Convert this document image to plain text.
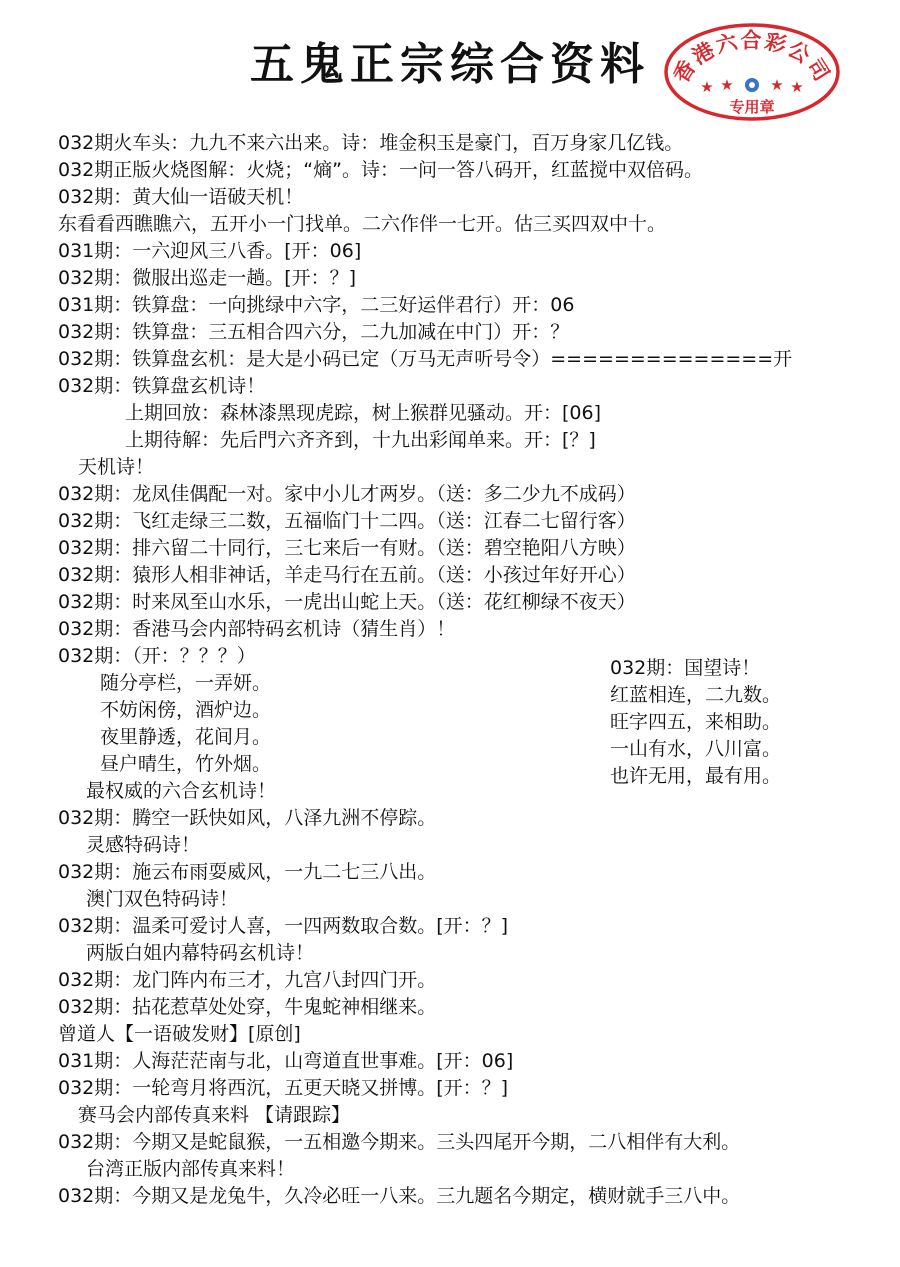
五鬼正宗综合资料 香港六合彩公司
★ ★ ★ ★
专用章
032期火车头：九九不来六出来。诗：堆金积玉是豪门，百万身家几亿钱。
032期正版火烧图解：火烧；“熵”。诗：一问一答八码开，红蓝搅中双倍码。
032期：黄大仙一语破天机！
东看看西瞧瞧六，五开小一门找单。二六作伴一七开。估三买四双中十。
031期：一六迎风三八香。[开：06]
032期：微服出巡走一趟。[开：？]
031期：铁算盘：一向挑绿中六字，二三好运伴君行）开：06
032期：铁算盘：三五相合四六分，二九加减在中门）开：？
032期：铁算盘玄机：是大是小码已定（万马无声听号令）==============开
032期：铁算盘玄机诗！
上期回放：森林漆黑现虎踪，树上猴群见骚动。开：[06]
上期待解：先后門六齐齐到，十九出彩闻单来。开：[？]
天机诗！
032期：龙凤佳偶配一对。家中小儿才两岁。（送：多二少九不成码）
032期：飞红走绿三二数，五福临门十二四。（送：江春二七留行客）
032期：排六留二十同行，三七来后一有财。（送：碧空艳阳八方映）
032期：猿形人相非神话，羊走马行在五前。（送：小孩过年好开心）
032期：时来凤至山水乐，一虎出山蛇上天。（送：花红柳绿不夜天）
032期：香港马会内部特码玄机诗（猜生肖）！
032期：（开：？？？）
随分亭栏，一弄妍。
不妨闲傍，酒炉边。
夜里静透，花间月。
昼户晴生，竹外烟。
最权威的六合玄机诗！
032期：腾空一跃快如风，八泽九洲不停踪。
灵感特码诗！
032期：施云布雨耍威风，一九二七三八出。
澳门双色特码诗！
032期：温柔可爱讨人喜，一四两数取合数。[开：？]
两版白姐内幕特码玄机诗！
032期：龙门阵内布三才，九宫八封四门开。
032期：拈花惹草处处穿，牛鬼蛇神相继来。
曾道人【一语破发财】[原创]
031期：人海茫茫南与北，山弯道直世事难。[开：06]
032期：一轮弯月将西沉，五更天晓又拼博。[开：？]
赛马会内部传真来料 【请跟踪】
032期：今期又是蛇鼠猴，一五相邀今期来。三头四尾开今期，二八相伴有大利。
台湾正版内部传真来料！
032期：今期又是龙兔牛，久冷必旺一八来。三九题名今期定，横财就手三八中。
032期：国望诗！
红蓝相连，二九数。
旺字四五，来相助。
一山有水，八川富。
也许无用，最有用。
